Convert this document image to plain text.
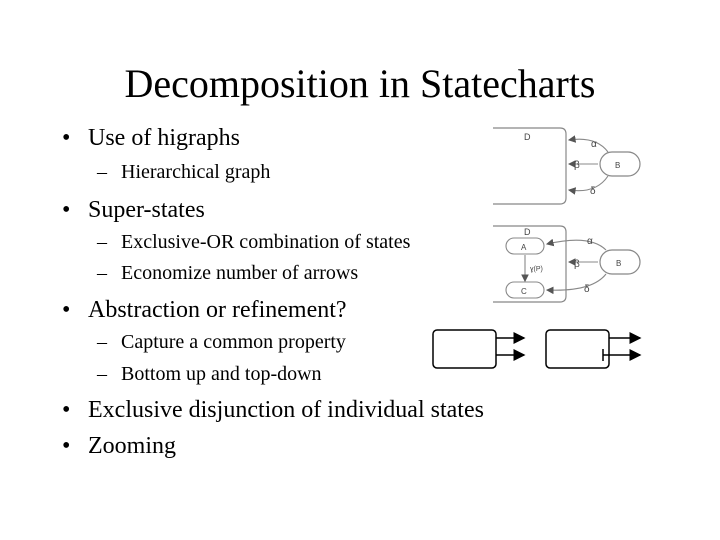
Decomposition in Statecharts
• Use of higraphs
– Hierarchical graph
• Super-states
– Exclusive-OR combination of states
– Economize number of arrows
• Abstraction or refinement?
– Capture a common property
– Bottom up and top-down
• Exclusive disjunction of individual states
• Zooming
D
B
α
β
δ
D
A
C
ɣ(P)
B
α
β
δ
